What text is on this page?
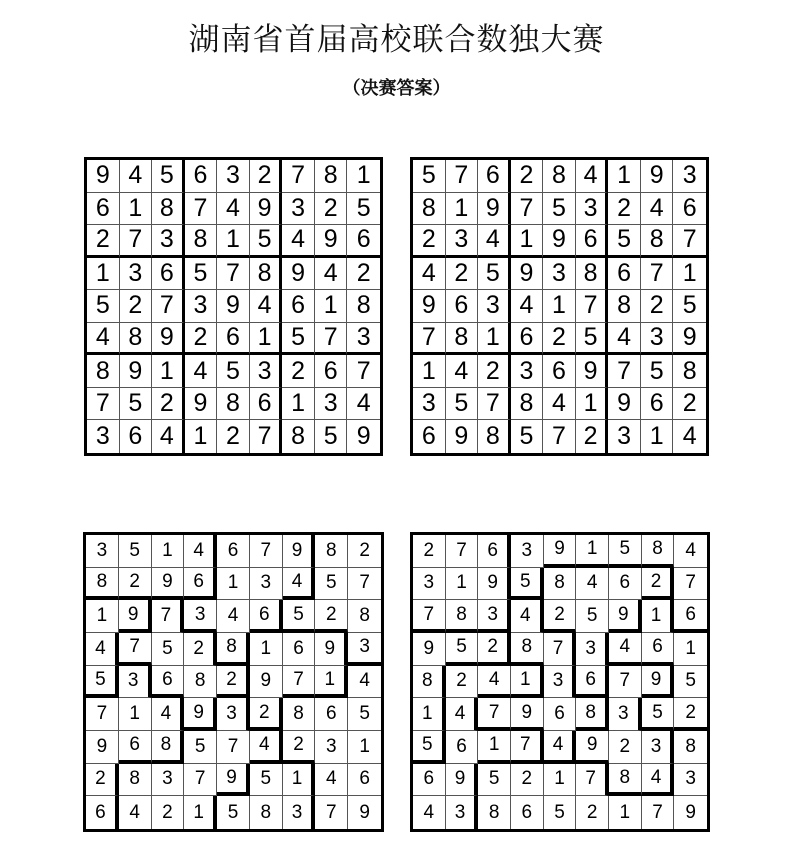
湖南省首届高校联合数独大赛
（决赛答案）
9 4 5 6 3 2 7 8 1
6 1 8 7 4 9 3 2 5
2 7 3 8 1 5 4 9 6
1 3 6 5 7 8 9 4 2
5 2 7 3 9 4 6 1 8
4 8 9 2 6 1 5 7 3
8 9 1 4 5 3 2 6 7
7 5 2 9 8 6 1 3 4
3 6 4 1 2 7 8 5 9
5 7 6 2 8 4 1 9 3
8 1 9 7 5 3 2 4 6
2 3 4 1 9 6 5 8 7
4 2 5 9 3 8 6 7 1
9 6 3 4 1 7 8 2 5
7 8 1 6 2 5 4 3 9
1 4 2 3 6 9 7 5 8
3 5 7 8 4 1 9 6 2
6 9 8 5 7 2 3 1 4
3	5	1	4	6	7	9	8	2
8	2	9	6	1	3	4	5	7
1	9	7	3	4	6	5	2	8
4	7	5	2	8	1	6	9	3
5	3	6	8	2	9	7	1	4
7	1	4	9	3	2	8	6	5
9	6	8	5	7	4	2	3	1
2	8	3	7	9	5	1	4	6
6	4	2	1	5	8	3	7	9
2	7	6	3	9	1	5	8	4
3	1	9	5	8	4	6	2	7
7	8	3	4	2	5	9	1	6
9	5	2	8	7	3	4	6	1
8	2	4	1	3	6	7	9	5
1	4	7	9	6	8	3	5	2
5	6	1	7	4	9	2	3	8
6	9	5	2	1	7	8	4	3
4	3	8	6	5	2	1	7	9
